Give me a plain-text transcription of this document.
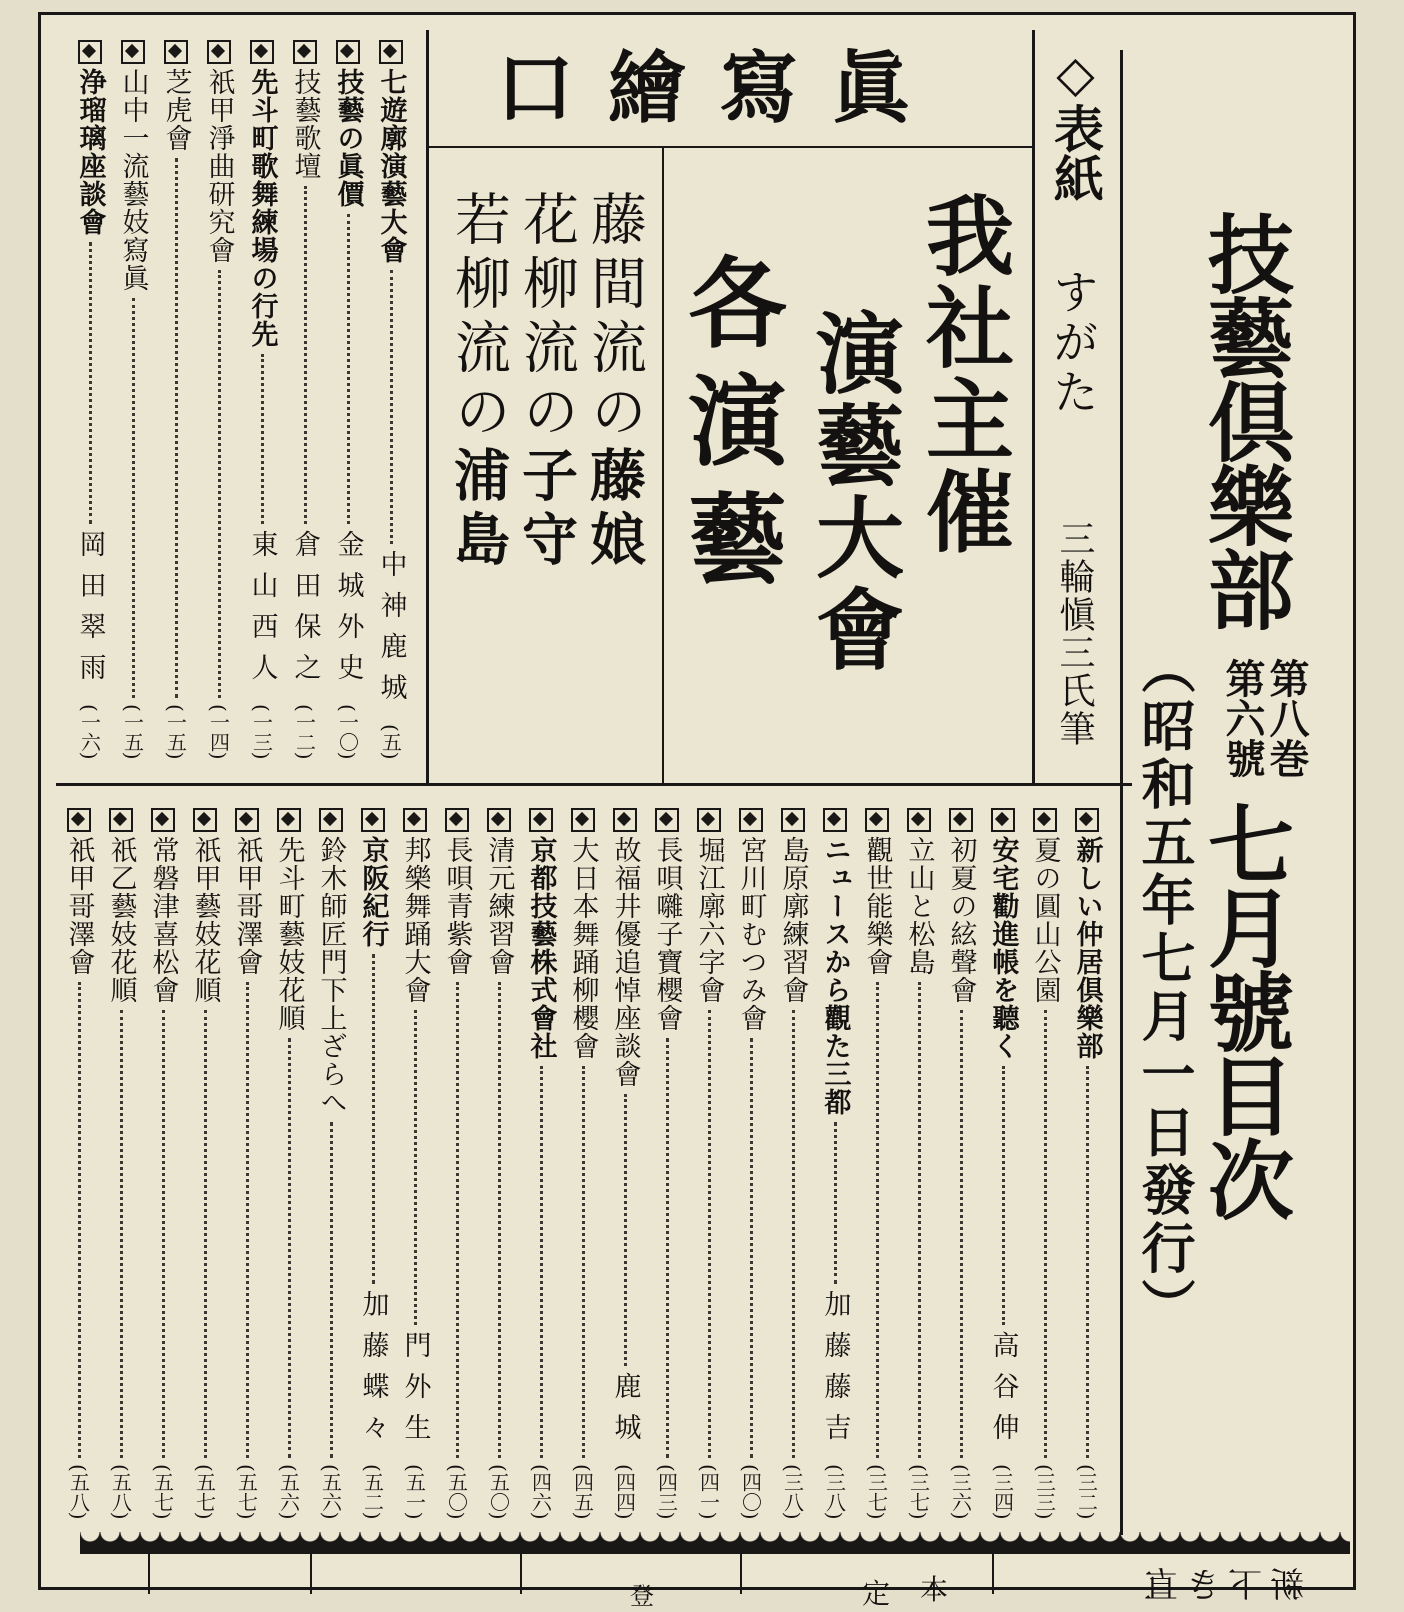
技藝倶樂部
第八巻
第六號
七月號目次
（昭和五年七月一日發行）
◇表紙
すがた
三輪愼三氏筆
口繪寫眞
我社主催
演藝大會
各演藝
藤間流の藤娘
花柳流の子守
若柳流の浦島
七遊廓演藝大會
中神鹿城
(五)
技藝の眞價
金城外史
(一〇)
技藝歌壇
倉田保之
(一二)
先斗町歌舞練場の行先
東山西人
(一三)
祇甲淨曲研究會
(一四)
芝虎會
(一五)
山中一流藝妓寫眞
(一五)
浄瑠璃座談會
岡田翠雨
(一六)
新しい仲居倶樂部
(三二)
夏の圓山公園
(三三)
安宅勸進帳を聽く
高谷伸
(三四)
初夏の絃聲會
(三六)
立山と松島
(三七)
觀世能樂會
(三七)
ニュースから觀た三都
加藤藤吉
(三八)
島原廓練習會
(三八)
宮川町むつみ會
(四〇)
堀江廓六字會
(四一)
長唄囃子寶櫻會
(四三)
故福井優追悼座談會
鹿城
(四四)
大日本舞踊柳櫻會
(四五)
京都技藝株式會社
(四六)
清元練習會
(五〇)
長唄青紫會
(五〇)
邦樂舞踊大會
門外生
(五一)
京阪紀行
加藤蝶々
(五二)
鈴木師匠門下上ざらへ
(五六)
先斗町藝妓花順
(五六)
祇甲哥澤會
(五七)
祇甲藝妓花順
(五七)
常磐津喜松會
(五七)
祇乙藝妓花順
(五八)
祇甲哥澤會
(五八)
登	定 本	新下き直
